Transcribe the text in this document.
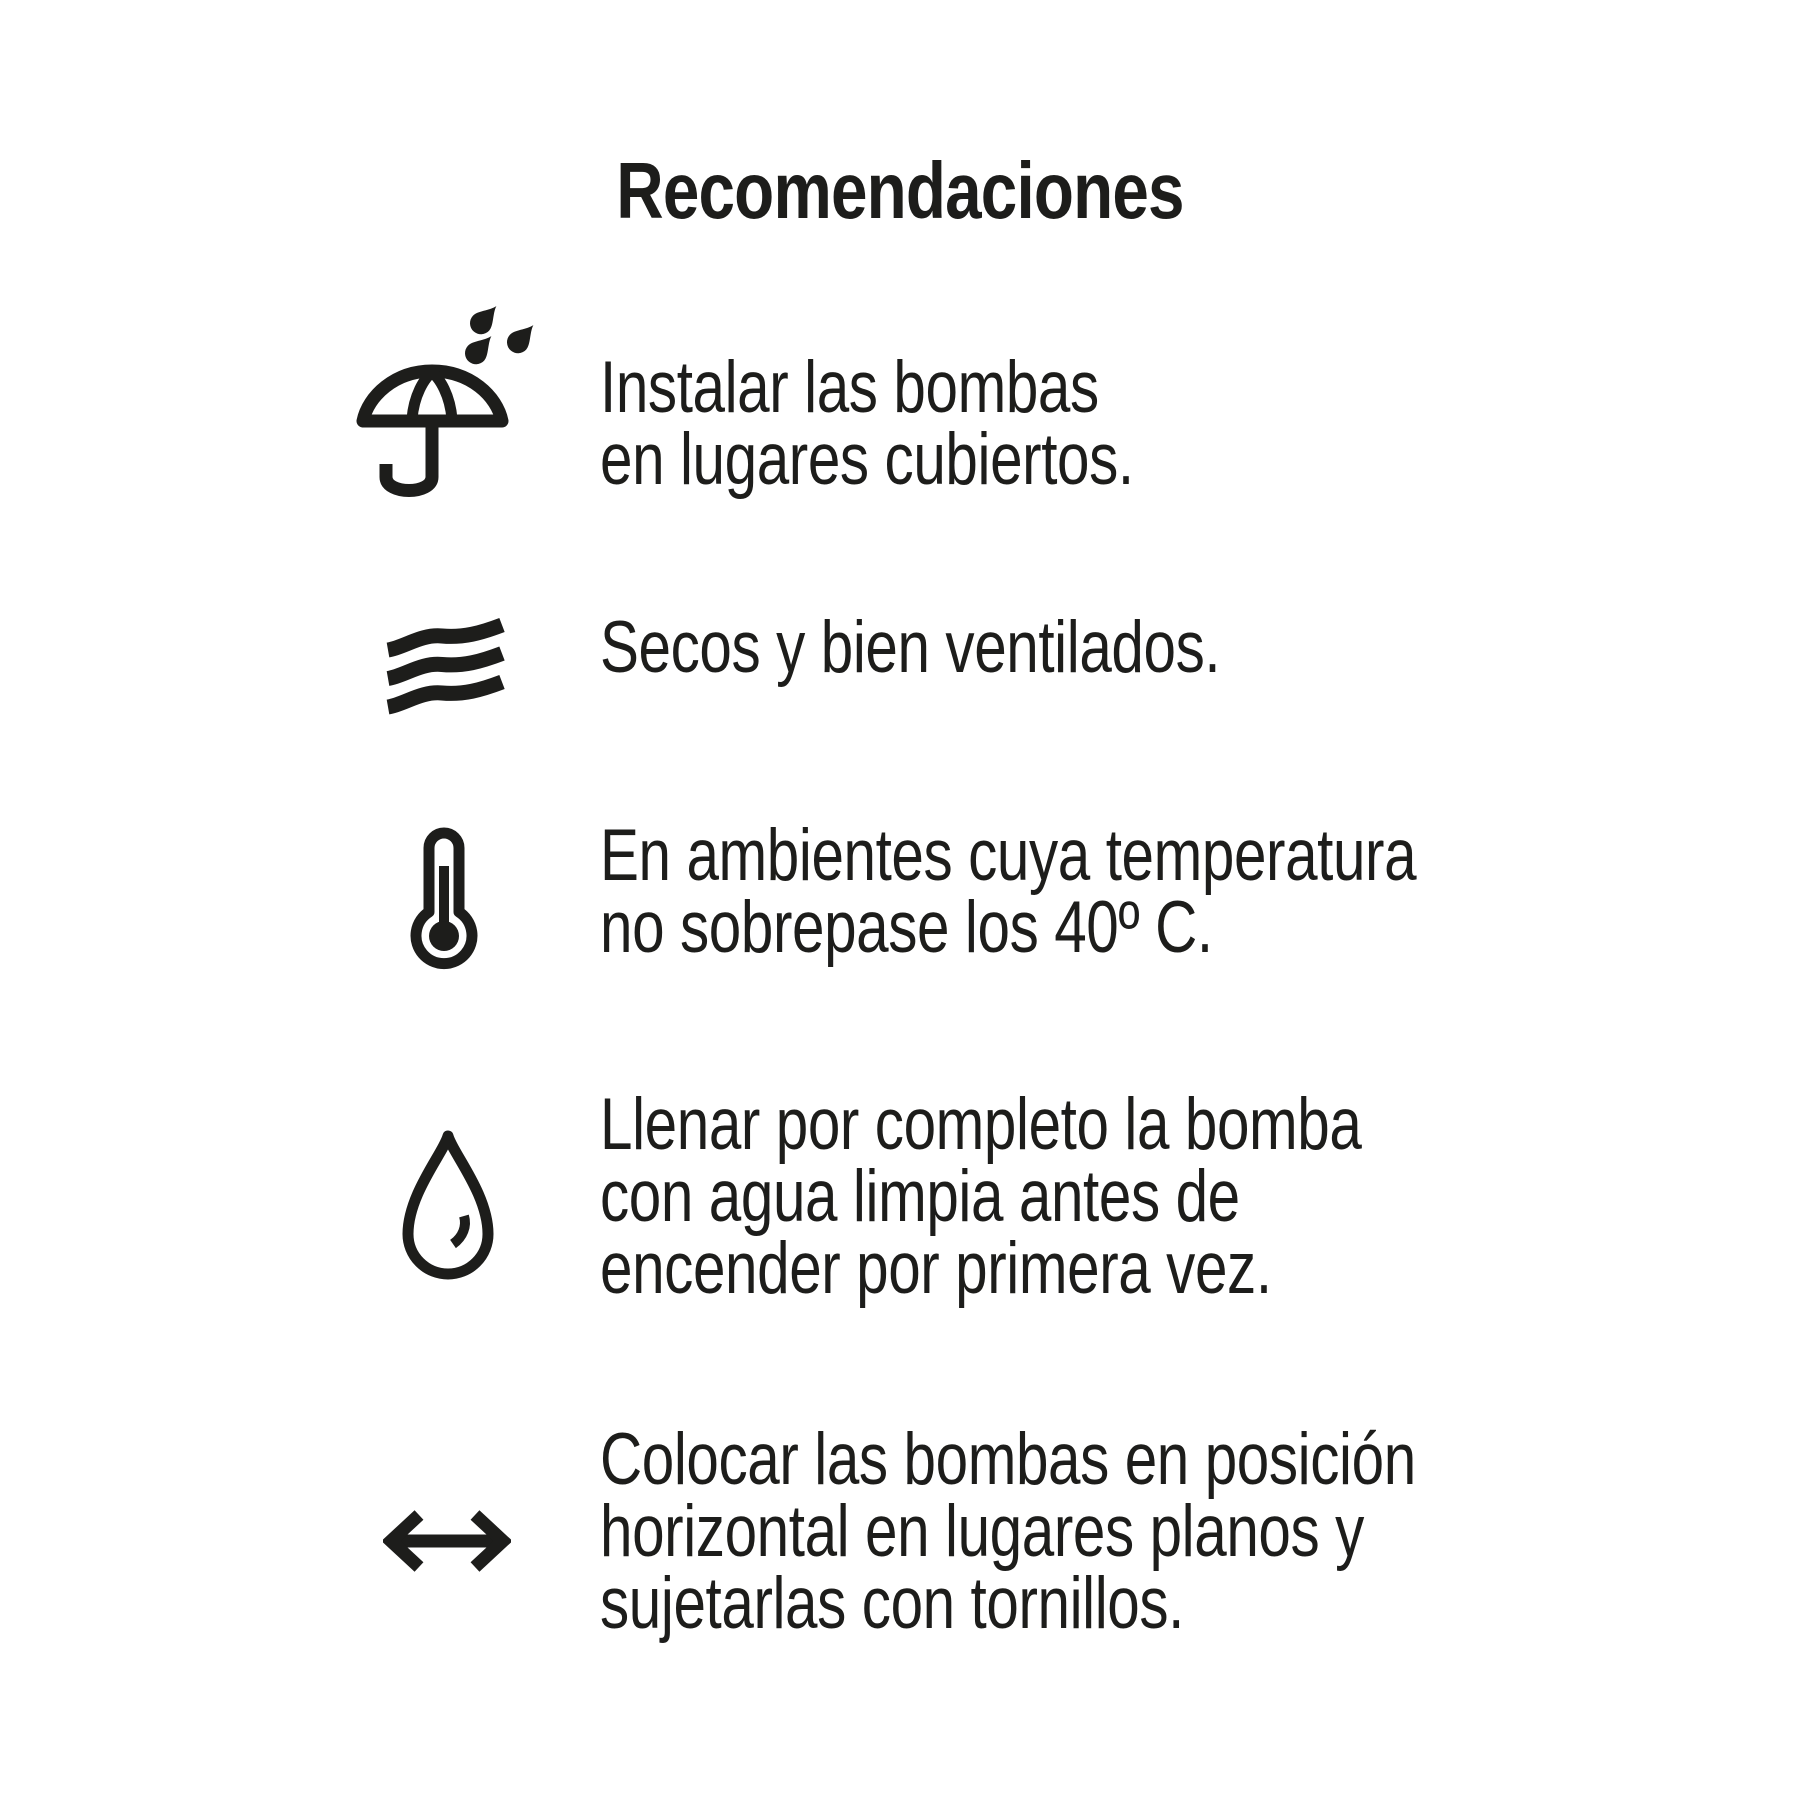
Recomendaciones
Instalar las bombas
en lugares cubiertos.
Secos y bien ventilados.
En ambientes cuya temperatura
no sobrepase los 40º C.
Llenar por completo la bomba
con agua limpia antes de
encender por primera vez.
Colocar las bombas en posición
horizontal en lugares planos y
sujetarlas con tornillos.
